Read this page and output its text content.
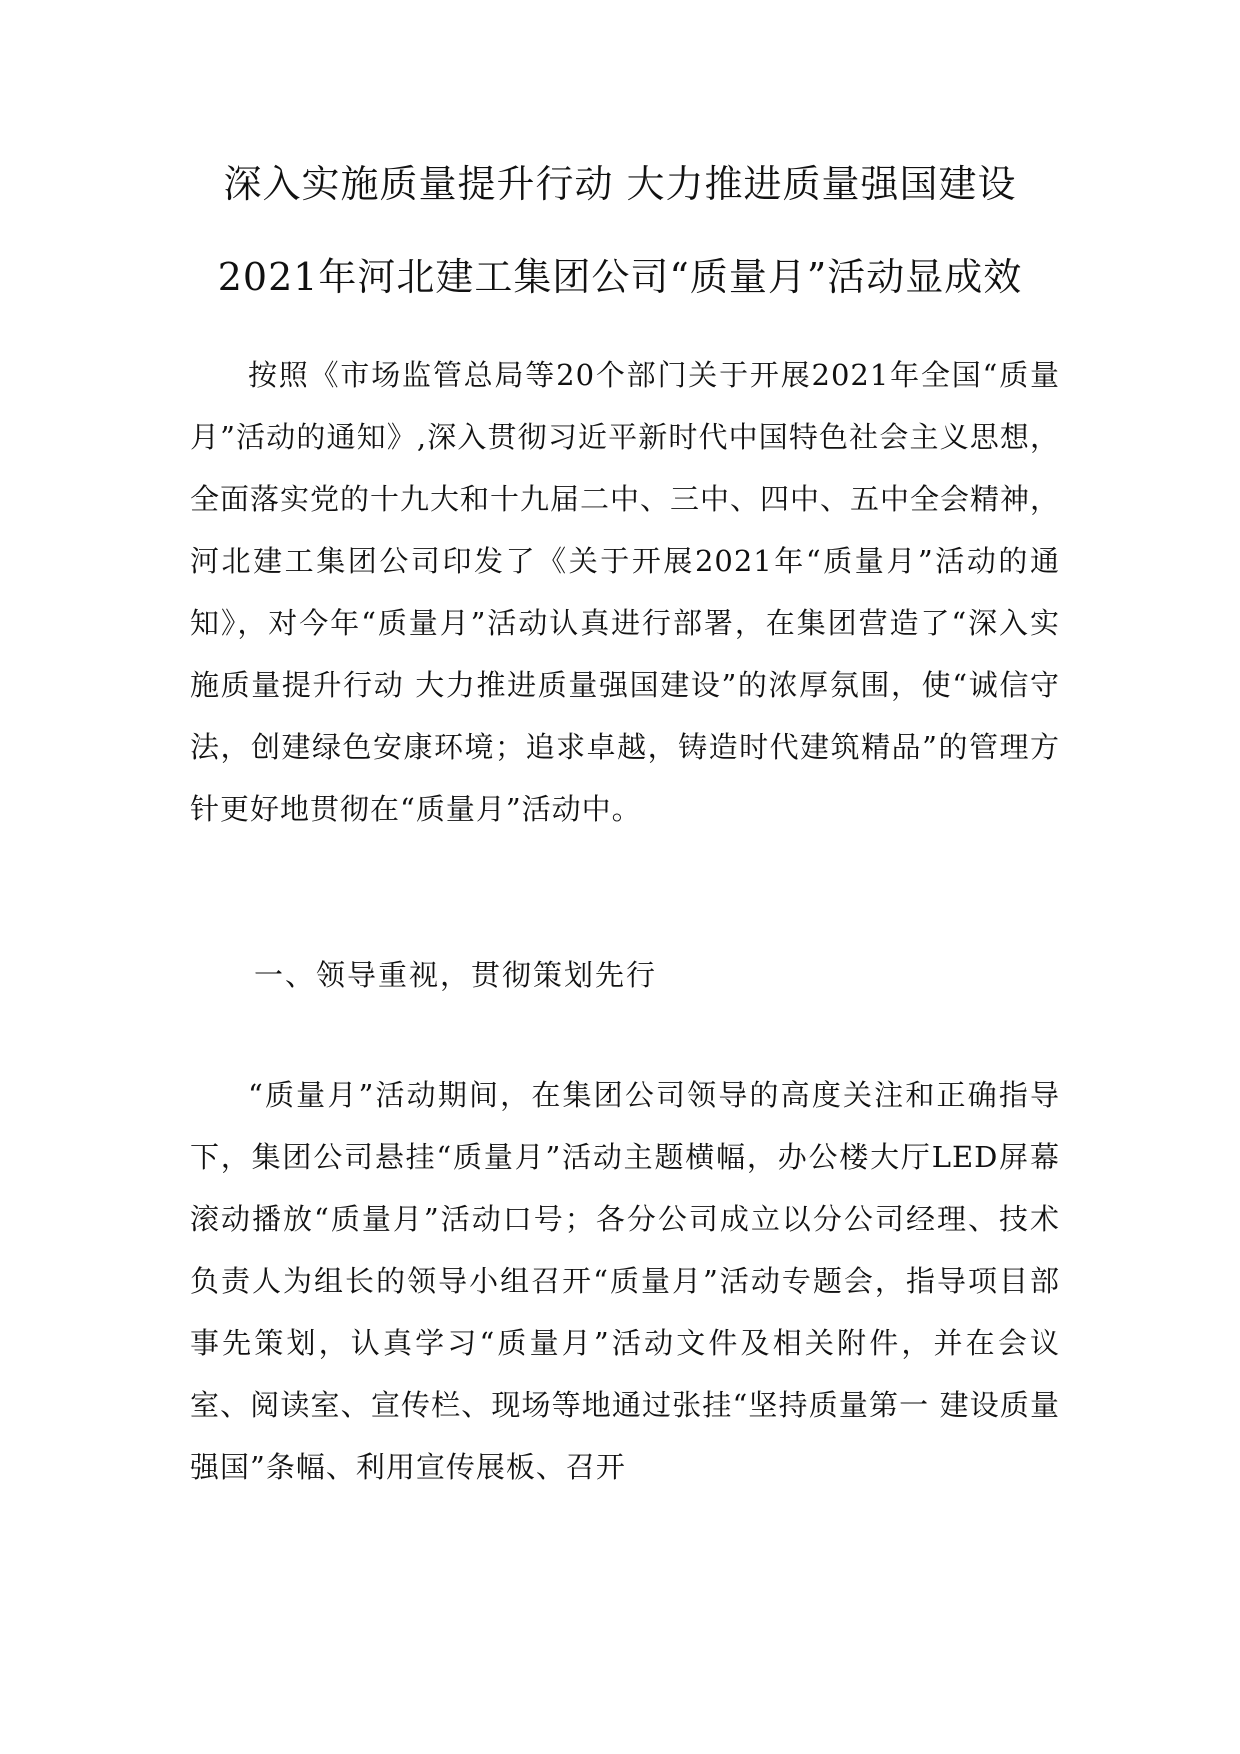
深入实施质量提升行动 大力推进质量强国建设
2021年河北建工集团公司“质量月”活动显成效

按照《市场监管总局等20个部门关于开展2021年全国“质量月”活动的通知》,深入贯彻习近平新时代中国特色社会主义思想，全面落实党的十九大和十九届二中、三中、四中、五中全会精神，河北建工集团公司印发了《关于开展2021年“质量月”活动的通知》，对今年“质量月”活动认真进行部署，在集团营造了“深入实施质量提升行动 大力推进质量强国建设”的浓厚氛围，使“诚信守法，创建绿色安康环境；追求卓越，铸造时代建筑精品”的管理方针更好地贯彻在“质量月”活动中。

一、领导重视，贯彻策划先行

“质量月”活动期间，在集团公司领导的高度关注和正确指导下，集团公司悬挂“质量月”活动主题横幅，办公楼大厅LED屏幕滚动播放“质量月”活动口号；各分公司成立以分公司经理、技术负责人为组长的领导小组召开“质量月”活动专题会，指导项目部事先策划，认真学习“质量月”活动文件及相关附件，并在会议室、阅读室、宣传栏、现场等地通过张挂“坚持质量第一 建设质量强国”条幅、利用宣传展板、召开
